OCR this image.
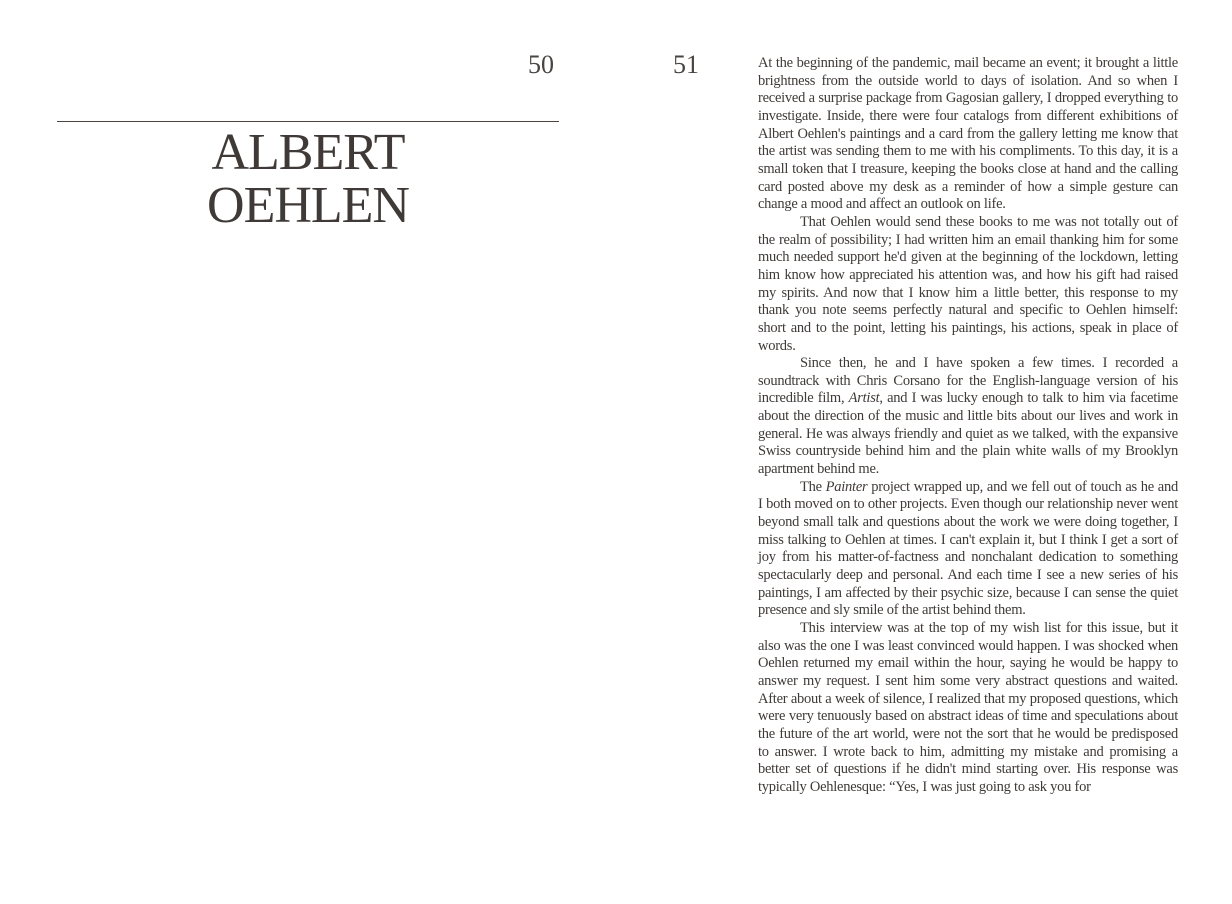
50	51
ALBERT
OEHLEN

At the beginning of the pandemic, mail became an event; it brought a little brightness from the outside world to days of isolation. And so when I received a surprise package from Gagosian gallery, I dropped everything to investigate. Inside, there were four catalogs from different exhibitions of Albert Oehlen's paintings and a card from the gallery letting me know that the artist was sending them to me with his compliments. To this day, it is a small token that I treasure, keeping the books close at hand and the calling card posted above my desk as a reminder of how a simple gesture can change a mood and affect an outlook on life.

That Oehlen would send these books to me was not totally out of the realm of possibility; I had written him an email thanking him for some much needed support he'd given at the beginning of the lockdown, letting him know how appreciated his attention was, and how his gift had raised my spirits. And now that I know him a little better, this response to my thank you note seems perfectly natural and specific to Oehlen himself: short and to the point, letting his paintings, his actions, speak in place of words.

Since then, he and I have spoken a few times. I recorded a soundtrack with Chris Corsano for the English-language version of his incredible film, Artist, and I was lucky enough to talk to him via facetime about the direction of the music and little bits about our lives and work in general. He was always friendly and quiet as we talked, with the expansive Swiss countryside behind him and the plain white walls of my Brooklyn apartment behind me.

The Painter project wrapped up, and we fell out of touch as he and I both moved on to other projects. Even though our relationship never went beyond small talk and questions about the work we were doing together, I miss talking to Oehlen at times. I can't explain it, but I think I get a sort of joy from his matter-of-factness and nonchalant dedication to something spectacularly deep and personal. And each time I see a new series of his paintings, I am affected by their psychic size, because I can sense the quiet presence and sly smile of the artist behind them.

This interview was at the top of my wish list for this issue, but it also was the one I was least convinced would happen. I was shocked when Oehlen returned my email within the hour, saying he would be happy to answer my request. I sent him some very abstract questions and waited. After about a week of silence, I realized that my proposed questions, which were very tenuously based on abstract ideas of time and speculations about the future of the art world, were not the sort that he would be predisposed to answer. I wrote back to him, admitting my mistake and promising a better set of questions if he didn't mind starting over. His response was typically Oehlenesque: “Yes, I was just going to ask you for
